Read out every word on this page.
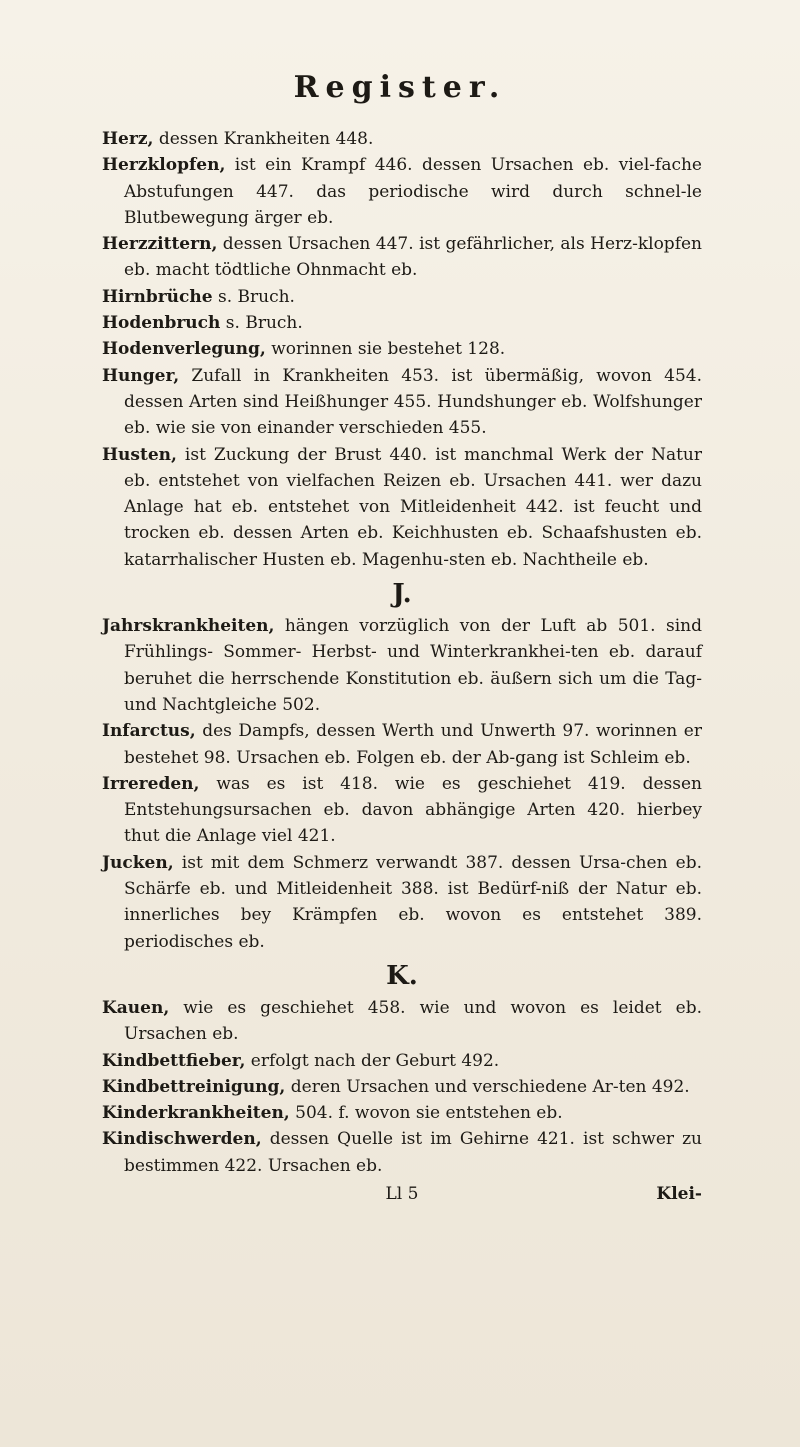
Register.

Herz, dessen Krankheiten 448.

Herzklopfen, ist ein Krampf 446. dessen Ursachen eb. viel-fache Abstufungen 447. das periodische wird durch schnel-le Blutbewegung ärger eb.

Herzzittern, dessen Ursachen 447. ist gefährlicher, als Herz-klopfen eb. macht tödtliche Ohnmacht eb.

Hirnbrüche s. Bruch.

Hodenbruch s. Bruch.

Hodenverlegung, worinnen sie bestehet 128.

Hunger, Zufall in Krankheiten 453. ist übermäßig, wovon 454. dessen Arten sind Heißhunger 455. Hundshunger eb. Wolfshunger eb. wie sie von einander verschieden 455.

Husten, ist Zuckung der Brust 440. ist manchmal Werk der Natur eb. entstehet von vielfachen Reizen eb. Ursachen 441. wer dazu Anlage hat eb. entstehet von Mitleidenheit 442. ist feucht und trocken eb. dessen Arten eb. Keichhusten eb. Schaafshusten eb. katarrhalischer Husten eb. Magenhu-sten eb. Nachtheile eb.

J.

Jahrskrankheiten, hängen vorzüglich von der Luft ab 501. sind Frühlings- Sommer- Herbst- und Winterkrankhei-ten eb. darauf beruhet die herrschende Konstitution eb. äußern sich um die Tag- und Nachtgleiche 502.

Infarctus, des Dampfs, dessen Werth und Unwerth 97. worinnen er bestehet 98. Ursachen eb. Folgen eb. der Ab-gang ist Schleim eb.

Irrereden, was es ist 418. wie es geschiehet 419. dessen Entstehungsursachen eb. davon abhängige Arten 420. hierbey thut die Anlage viel 421.

Jucken, ist mit dem Schmerz verwandt 387. dessen Ursa-chen eb. Schärfe eb. und Mitleidenheit 388. ist Bedürf-niß der Natur eb. innerliches bey Krämpfen eb. wovon es entstehet 389. periodisches eb.

K.

Kauen, wie es geschiehet 458. wie und wovon es leidet eb. Ursachen eb.

Kindbettfieber, erfolgt nach der Geburt 492.

Kindbettreinigung, deren Ursachen und verschiedene Ar-ten 492.

Kinderkrankheiten, 504. f. wovon sie entstehen eb.

Kindischwerden, dessen Quelle ist im Gehirne 421. ist schwer zu bestimmen 422. Ursachen eb.

Ll 5	Klei-
